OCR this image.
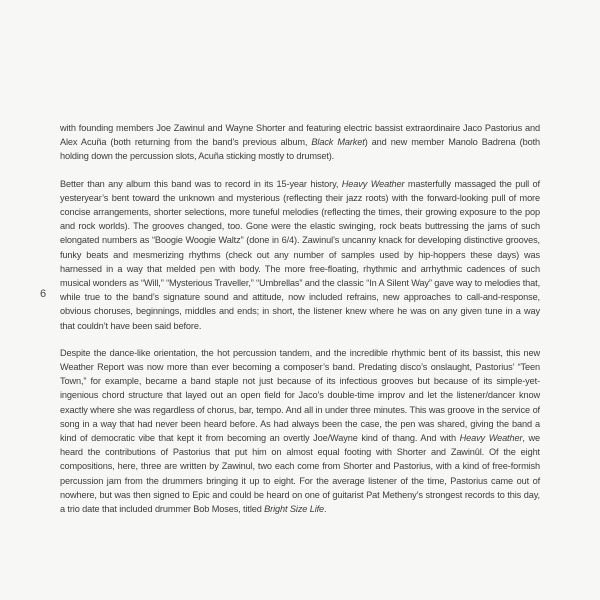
6

with founding members Joe Zawinul and Wayne Shorter and featuring electric bassist extraordinaire Jaco Pastorius and Alex Acuña (both returning from the band’s previous album, Black Market) and new member Manolo Badrena (both holding down the percussion slots, Acuña sticking mostly to drumset).

Better than any album this band was to record in its 15-year history, Heavy Weather masterfully massaged the pull of yesteryear’s bent toward the unknown and mysterious (reflecting their jazz roots) with the forward-looking pull of more concise arrangements, shorter selections, more tuneful melodies (reflecting the times, their growing exposure to the pop and rock worlds). The grooves changed, too. Gone were the elastic swinging, rock beats buttressing the jams of such elongated numbers as “Boogie Woogie Waltz” (done in 6/4). Zawinul’s uncanny knack for developing distinctive grooves, funky beats and mesmerizing rhythms (check out any number of samples used by hip-hoppers these days) was harnessed in a way that melded pen with body. The more free-floating, rhythmic and arrhythmic cadences of such musical wonders as “Will,” “Mysterious Traveller,” “Umbrellas” and the classic “In A Silent Way” gave way to melodies that, while true to the band’s signature sound and attitude, now included refrains, new approaches to call-and-response, obvious choruses, beginnings, middles and ends; in short, the listener knew where he was on any given tune in a way that couldn’t have been said before.

Despite the dance-like orientation, the hot percussion tandem, and the incredible rhythmic bent of its bassist, this new Weather Report was now more than ever becoming a composer’s band. Predating disco’s onslaught, Pastorius’ “Teen Town,” for example, became a band staple not just because of its infectious grooves but because of its simple-yet-ingenious chord structure that layed out an open field for Jaco’s double-time improv and let the listener/dancer know exactly where she was regardless of chorus, bar, tempo. And all in under three minutes. This was groove in the service of song in a way that had never been heard before. As had always been the case, the pen was shared, giving the band a kind of democratic vibe that kept it from becoming an overtly Joe/Wayne kind of thang. And with Heavy Weather, we heard the contributions of Pastorius that put him on almost equal footing with Shorter and Zawinûl. Of the eight compositions, here, three are written by Zawinul, two each come from Shorter and Pastorius, with a kind of free-formish percussion jam from the drummers bringing it up to eight. For the average listener of the time, Pastorius came out of nowhere, but was then signed to Epic and could be heard on one of guitarist Pat Metheny’s strongest records to this day, a trio date that included drummer Bob Moses, titled Bright Size Life.
